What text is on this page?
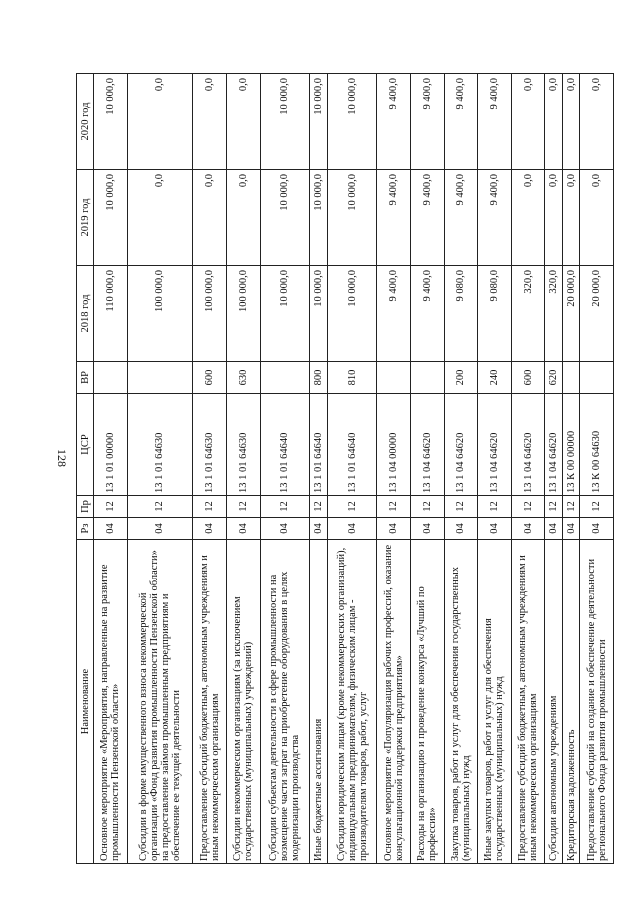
128
Наименование	Рз	Пр	ЦСР	ВР	2018 год	2019 год	2020 год
Основное мероприятие «Мероприятия, направленные на развитие промышленности Пензенской области»	04	12	13 1 01 00000		110 000,0	10 000,0	10 000,0
Субсидии в форме имущественного взноса некоммерческой организации «Фонд развития промышленности Пензенской области» на предоставление займов промышленным предприятиям и обеспечение ее текущей деятельности	04	12	13 1 01 64630		100 000,0	0,0	0,0
Предоставление субсидий бюджетным, автономным учреждениям и иным некоммерческим организациям	04	12	13 1 01 64630	600	100 000,0	0,0	0,0
Субсидии некоммерческим организациям (за исключением государственных (муниципальных) учреждений)	04	12	13 1 01 64630	630	100 000,0	0,0	0,0
Субсидии субъектам деятельности в сфере промышленности на возмещение части затрат на приобретение оборудования в целях модернизации производства	04	12	13 1 01 64640		10 000,0	10 000,0	10 000,0
Иные бюджетные ассигнования	04	12	13 1 01 64640	800	10 000,0	10 000,0	10 000,0
Субсидии юридическим лицам (кроме некоммерческих организаций), индивидуальным предпринимателям, физическим лицам - производителям товаров, работ, услуг	04	12	13 1 01 64640	810	10 000,0	10 000,0	10 000,0
Основное мероприятие «Популяризация рабочих профессий, оказание консультационной поддержки предприятиям»	04	12	13 1 04 00000		9 400,0	9 400,0	9 400,0
Расходы на организацию и проведение конкурса «Лучший по профессии»	04	12	13 1 04 64620		9 400,0	9 400,0	9 400,0
Закупка товаров, работ и услуг для обеспечения государственных (муниципальных) нужд	04	12	13 1 04 64620	200	9 080,0	9 400,0	9 400,0
Иные закупки товаров, работ и услуг для обеспечения государственных (муниципальных) нужд	04	12	13 1 04 64620	240	9 080,0	9 400,0	9 400,0
Предоставление субсидий бюджетным, автономным учреждениям и иным некоммерческим организациям	04	12	13 1 04 64620	600	320,0	0,0	0,0
Субсидии автономным учреждениям	04	12	13 1 04 64620	620	320,0	0,0	0,0
Кредиторская задолженность	04	12	13 К 00 00000		20 000,0	0,0	0,0
Предоставление субсидий на создание и обеспечение деятельности регионального Фонда развития промышленности	04	12	13 К 00 64630		20 000,0	0,0	0,0
